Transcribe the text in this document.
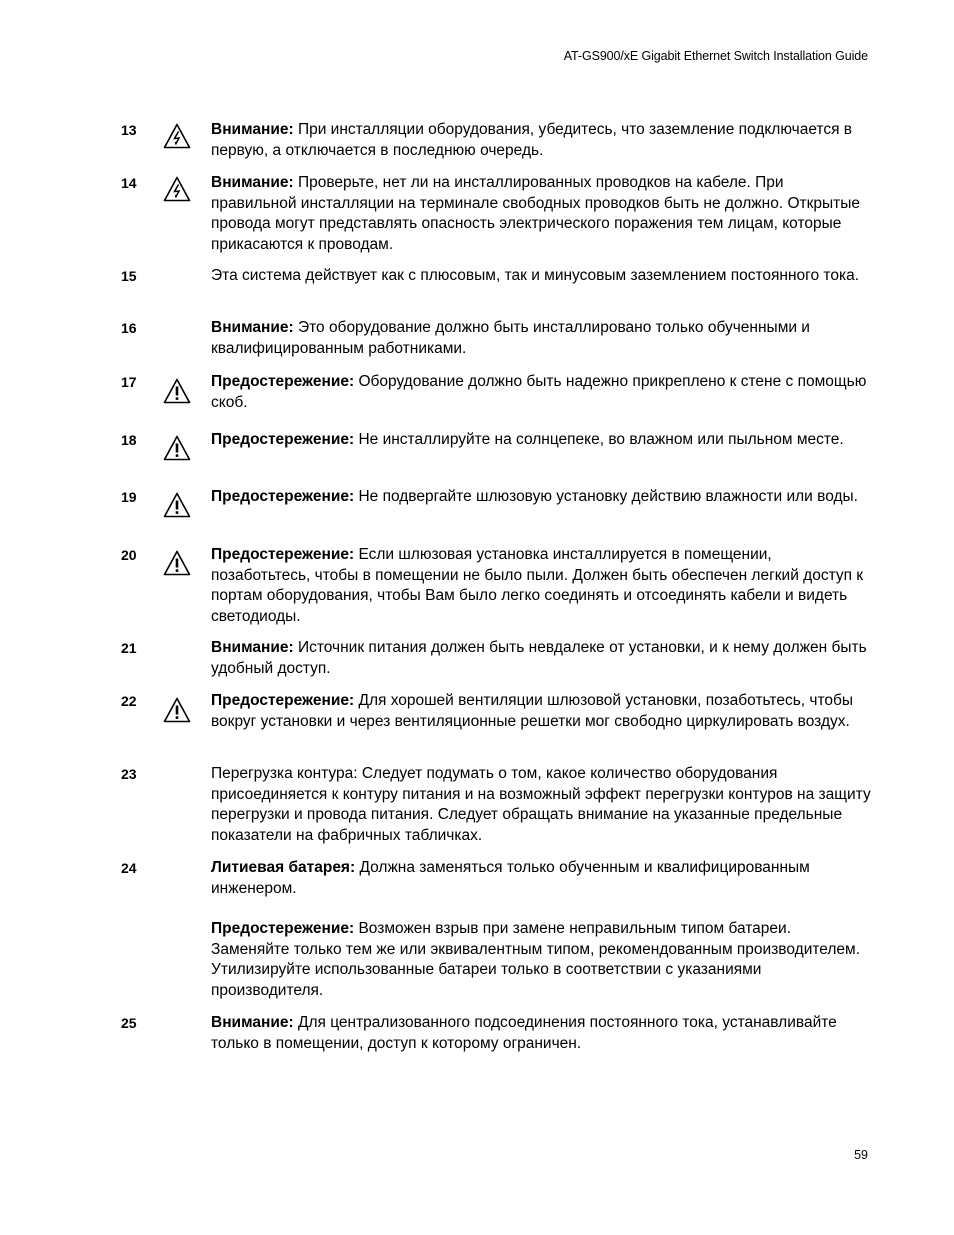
AT-GS900/xE Gigabit Ethernet Switch Installation Guide
13	Внимание: При инсталляции оборудования, убедитесь, что заземление подключается в первую, а отключается в последнюю очередь.

14	Внимание: Проверьте, нет ли на инсталлированных проводков на кабеле. При правильной инсталляции на терминале свободных проводков быть не должно. Открытые провода могут представлять опасность электрического поражения тем лицам, которые прикасаются к проводам.

15	Эта система действует как с плюсовым, так и минусовым заземлением постоянного тока.

16	Внимание: Это оборудование должно быть инсталлировано только обученными и квалифицированным работниками.

17	Предостережение: Оборудование должно быть надежно прикреплено к стене с помощью скоб.

18	Предостережение: Не инсталлируйте на солнцепеке, во влажном или пыльном месте.

19	Предостережение: Не подвергайте шлюзовую установку действию влажности или воды.

20	Предостережение: Если шлюзовая установка инсталлируется в помещении, позаботьтесь, чтобы в помещении не было пыли. Должен быть обеспечен легкий доступ к портам оборудования, чтобы Вам было легко соединять и отсоединять кабели и видеть светодиоды.

21	Внимание: Источник питания должен быть невдалеке от установки, и к нему должен быть удобный доступ.

22	Предостережение: Для хорошей вентиляции шлюзовой установки, позаботьтесь, чтобы вокруг установки и через вентиляционные решетки мог свободно циркулировать воздух.

23	Перегрузка контура: Следует подумать о том, какое количество оборудования присоединяется к контуру питания и на возможный эффект перегрузки контуров на защиту перегрузки и провода питания. Следует обращать внимание на указанные предельные показатели на фабричных табличках.

24	Литиевая батарея: Должна заменяться только обученным и квалифицированным инженером.

Предостережение: Возможен взрыв при замене неправильным типом батареи. Заменяйте только тем же или эквивалентным типом, рекомендованным производителем. Утилизируйте использованные батареи только в соответствии с указаниями производителя.

25	Внимание: Для централизованного подсоединения постоянного тока, устанавливайте только в помещении, доступ к которому ограничен.

59
